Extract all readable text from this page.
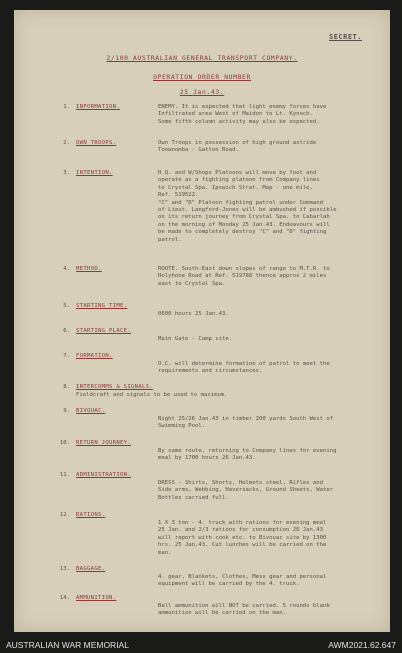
SECRET.
2/100 AUSTRALIAN GENERAL TRANSPORT COMPANY.
OPERATION ORDER NUMBER
25 Jan.43.
1. INFORMATION.	ENEMY. It is expected that light enemy forces have
Infiltrated area West of Maidon to Lt. Kynoch.
Some fifth column activity may also be expected.
2. OWN TROOPS.	Own Troops in possession of high ground astride
Toowoomba - Gatton Road.
3. INTENTION.	H.Q. and W/Shops Platoons will move by foot and
operate as a fighting platoon from Company lines
to Crystal Spa. Ipswich Strat. Map - one mile,
Ref. 519522.
"C" and "D" Platoon fighting patrol under Command
of Lieut. Langford-Jones will be ambushed if possible
on its return journey from Crystal Spa. to Cabarlah
on the morning of Monday 25 Jan.43. Endeavours will
be made to completely destroy "C" and "D" fighting
patrol.
4. METHOD.	ROUTE. South-East down slopes of range to M.T.R. to
Holyhone Road at Ref. 519788 thence approx 2 miles
east to Crystal Spa.
5. STARTING TIME.
0600 hours 25 Jan.43.
6. STARTING PLACE.
Main Gate - Camp site.
7. FORMATION.
O.C. will determine formation of patrol to meet the
requirements and circumstances.
8. INTERCOMMS & SIGNALS.
Fieldcraft and signals to be used to maximum.
9. BIVOUAC.
Night 25/26 Jan.43 in timber 200 yards South West of
Swimming Pool.
10. RETURN JOURNEY.
By same route, returning to Company lines for evening
meal by 1700 hours 26 Jan.43.
11. ADMINISTRATION.
DRESS - Shirts, Shorts, Helmets steel, Rifles and
Side arms, Webbing, Haversacks, Ground Sheets, Water
Bottles carried full.
12. RATIONS.
1 X 3 ton - 4. truck with rations for evening meal
25 Jan. and 2/3 rations for consumption 26 Jan.43
will report with cook etc. to Bivouac site by 1300
hrs. 25 Jan.43. Cut lunches will be carried on the
man.
13. BAGGAGE.
4. gear, Blankets, Clothes, Mess gear and personal
equipment will be carried by the 4. truck.
14. AMMUNITION.
Ball ammunition will NOT be carried. 5 rounds blank
ammunition will be carried on the man.
AUSTRALIAN WAR MEMORIAL	AWM2021.62.647
